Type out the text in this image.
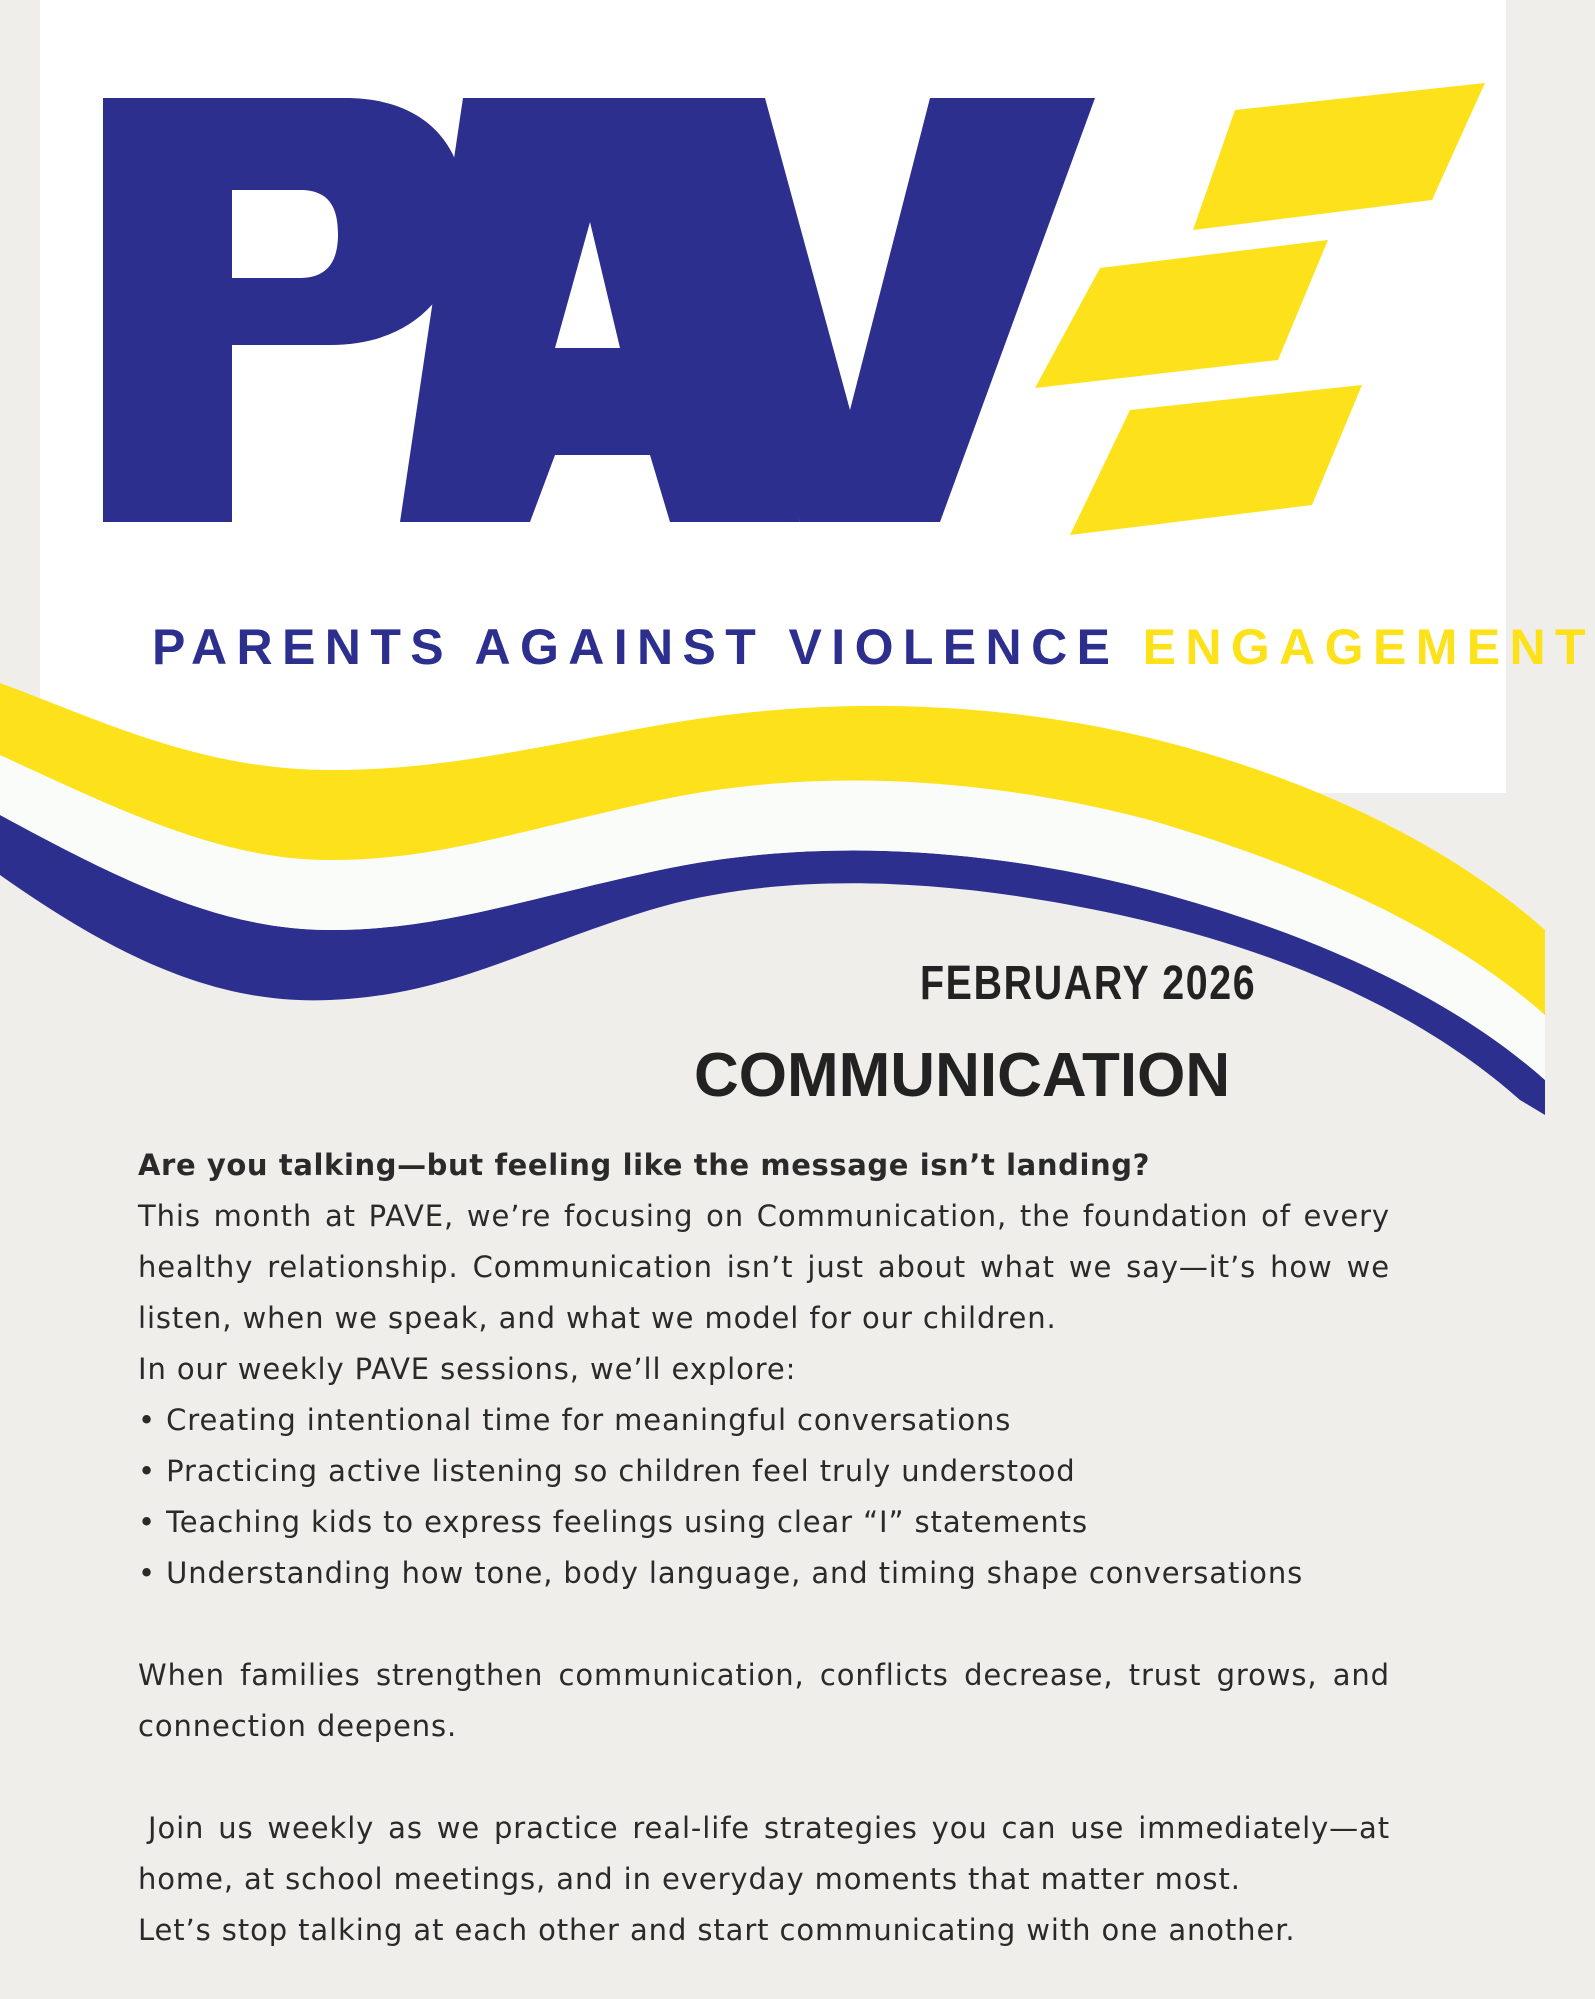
PARENTS AGAINST VIOLENCE ENGAGEMENT

FEBRUARY 2026
COMMUNICATION

Are you talking—but feeling like the message isn’t landing?

This month at PAVE, we’re focusing on Communication, the foundation of every healthy relationship. Communication isn’t just about what we say—it’s how we listen, when we speak, and what we model for our children.

In our weekly PAVE sessions, we’ll explore:

• Creating intentional time for meaningful conversations
• Practicing active listening so children feel truly understood
• Teaching kids to express feelings using clear “I” statements
• Understanding how tone, body language, and timing shape conversations

When families strengthen communication, conflicts decrease, trust grows, and connection deepens.

Join us weekly as we practice real-life strategies you can use immediately—at home, at school meetings, and in everyday moments that matter most.

Let’s stop talking at each other and start communicating with one another.
